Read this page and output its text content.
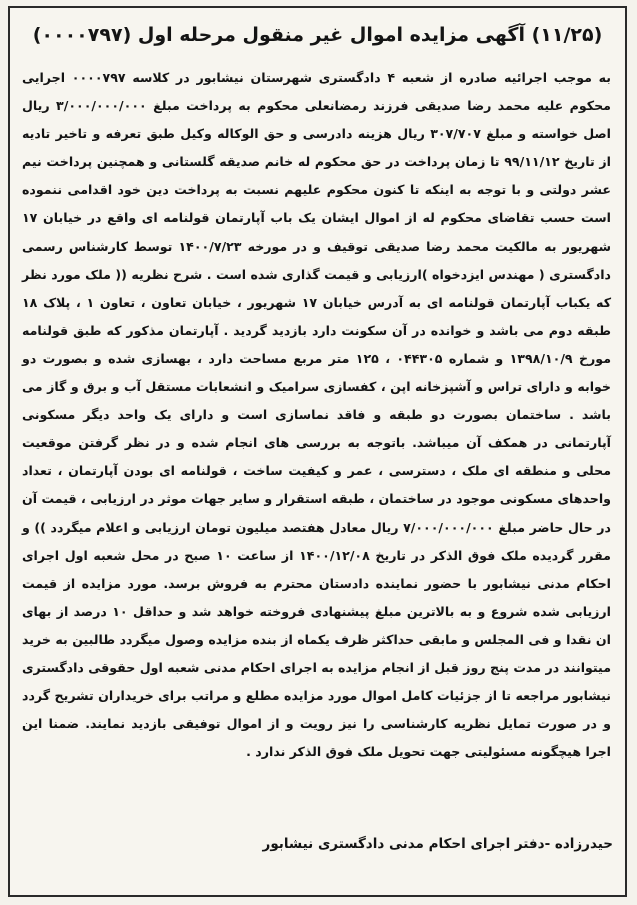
(۱۱/۲۵) آگهی مزایده اموال غیر منقول مرحله اول (۰۰۰۰۷۹۷)
به موجب اجرائیه صادره از شعبه ۴ دادگستری شهرستان نیشابور در کلاسه ۰۰۰۰۷۹۷ اجرایی محکوم علیه محمد رضا صدیقی فرزند رمضانعلی محکوم به پرداخت مبلغ ۳/۰۰۰/۰۰۰/۰۰۰ ریال اصل خواسته و مبلغ ۳۰۷/۷۰۷ ریال هزینه دادرسی و حق الوکاله وکیل طبق تعرفه و تاخیر تادیه از تاریخ ۹۹/۱۱/۱۲ تا زمان پرداخت در حق محکوم له خانم صدیقه گلستانی و همچنین پرداخت نیم عشر دولتی و با توجه به اینکه تا کنون محکوم علیهم نسبت به پرداخت دین خود اقدامی ننموده است حسب تقاضای محکوم له از اموال ایشان یک باب آپارتمان قولنامه ای واقع در خیابان ۱۷ شهریور به مالکیت محمد رضا صدیقی توقیف و در مورخه ۱۴۰۰/۷/۲۳ توسط کارشناس رسمی دادگستری ( مهندس ایزدخواه )ارزیابی و قیمت گذاری شده است . شرح نظریه (( ملک مورد نظر که یکباب آپارتمان قولنامه ای به آدرس خیابان ۱۷ شهریور ، خیابان تعاون ، تعاون ۱ ، پلاک ۱۸ طبقه دوم می باشد و خوانده در آن سکونت دارد بازدید گردید . آپارتمان مذکور که طبق قولنامه مورخ ۱۳۹۸/۱۰/۹ و شماره ۰۴۴۳۰۵ ، ۱۲۵ متر مربع مساحت دارد ، بهسازی شده و بصورت دو خوابه و دارای تراس و آشپزخانه اپن ، کفسازی سرامیک و انشعابات مستقل آب و برق و گاز می باشد . ساختمان بصورت دو طبقه و فاقد نماسازی است و دارای یک واحد دیگر مسکونی آپارتمانی در همکف آن میباشد. باتوجه به بررسی های انجام شده و در نظر گرفتن موقعیت محلی و منطقه ای ملک ، دسترسی ، عمر و کیفیت ساخت ، قولنامه ای بودن آپارتمان ، تعداد واحدهای مسکونی موجود در ساختمان ، طبقه استقرار و سایر جهات موثر در ارزیابی ، قیمت آن در حال حاضر مبلغ ۷/۰۰۰/۰۰۰/۰۰۰ ریال معادل هفتصد میلیون تومان ارزیابی و اعلام میگردد )) و مقرر گردیده ملک فوق الذکر در تاریخ ۱۴۰۰/۱۲/۰۸ از ساعت ۱۰ صبح در محل شعبه اول اجرای احکام مدنی نیشابور با حضور نماینده دادستان محترم به فروش برسد. مورد مزایده از قیمت ارزیابی شده شروع و به بالاترین مبلغ پیشنهادی فروخته خواهد شد و حداقل ۱۰ درصد از بهای ان نقدا و فی المجلس و مابقی حداکثر ظرف یکماه از بنده مزایده وصول میگردد طالبین به خرید میتوانند در مدت پنج روز قبل از انجام مزایده به اجرای احکام مدنی شعبه اول حقوقی دادگستری نیشابور مراجعه تا از جزئیات کامل اموال مورد مزایده مطلع و مراتب برای خریداران تشریح گردد و در صورت تمایل نظریه کارشناسی را نیز رویت و از اموال توفیقی بازدید نمایند. ضمنا این اجرا هیچگونه مسئولیتی جهت تحویل ملک فوق الذکر ندارد .
حیدرزاده -دفتر اجرای احکام مدنی دادگستری نیشابور
